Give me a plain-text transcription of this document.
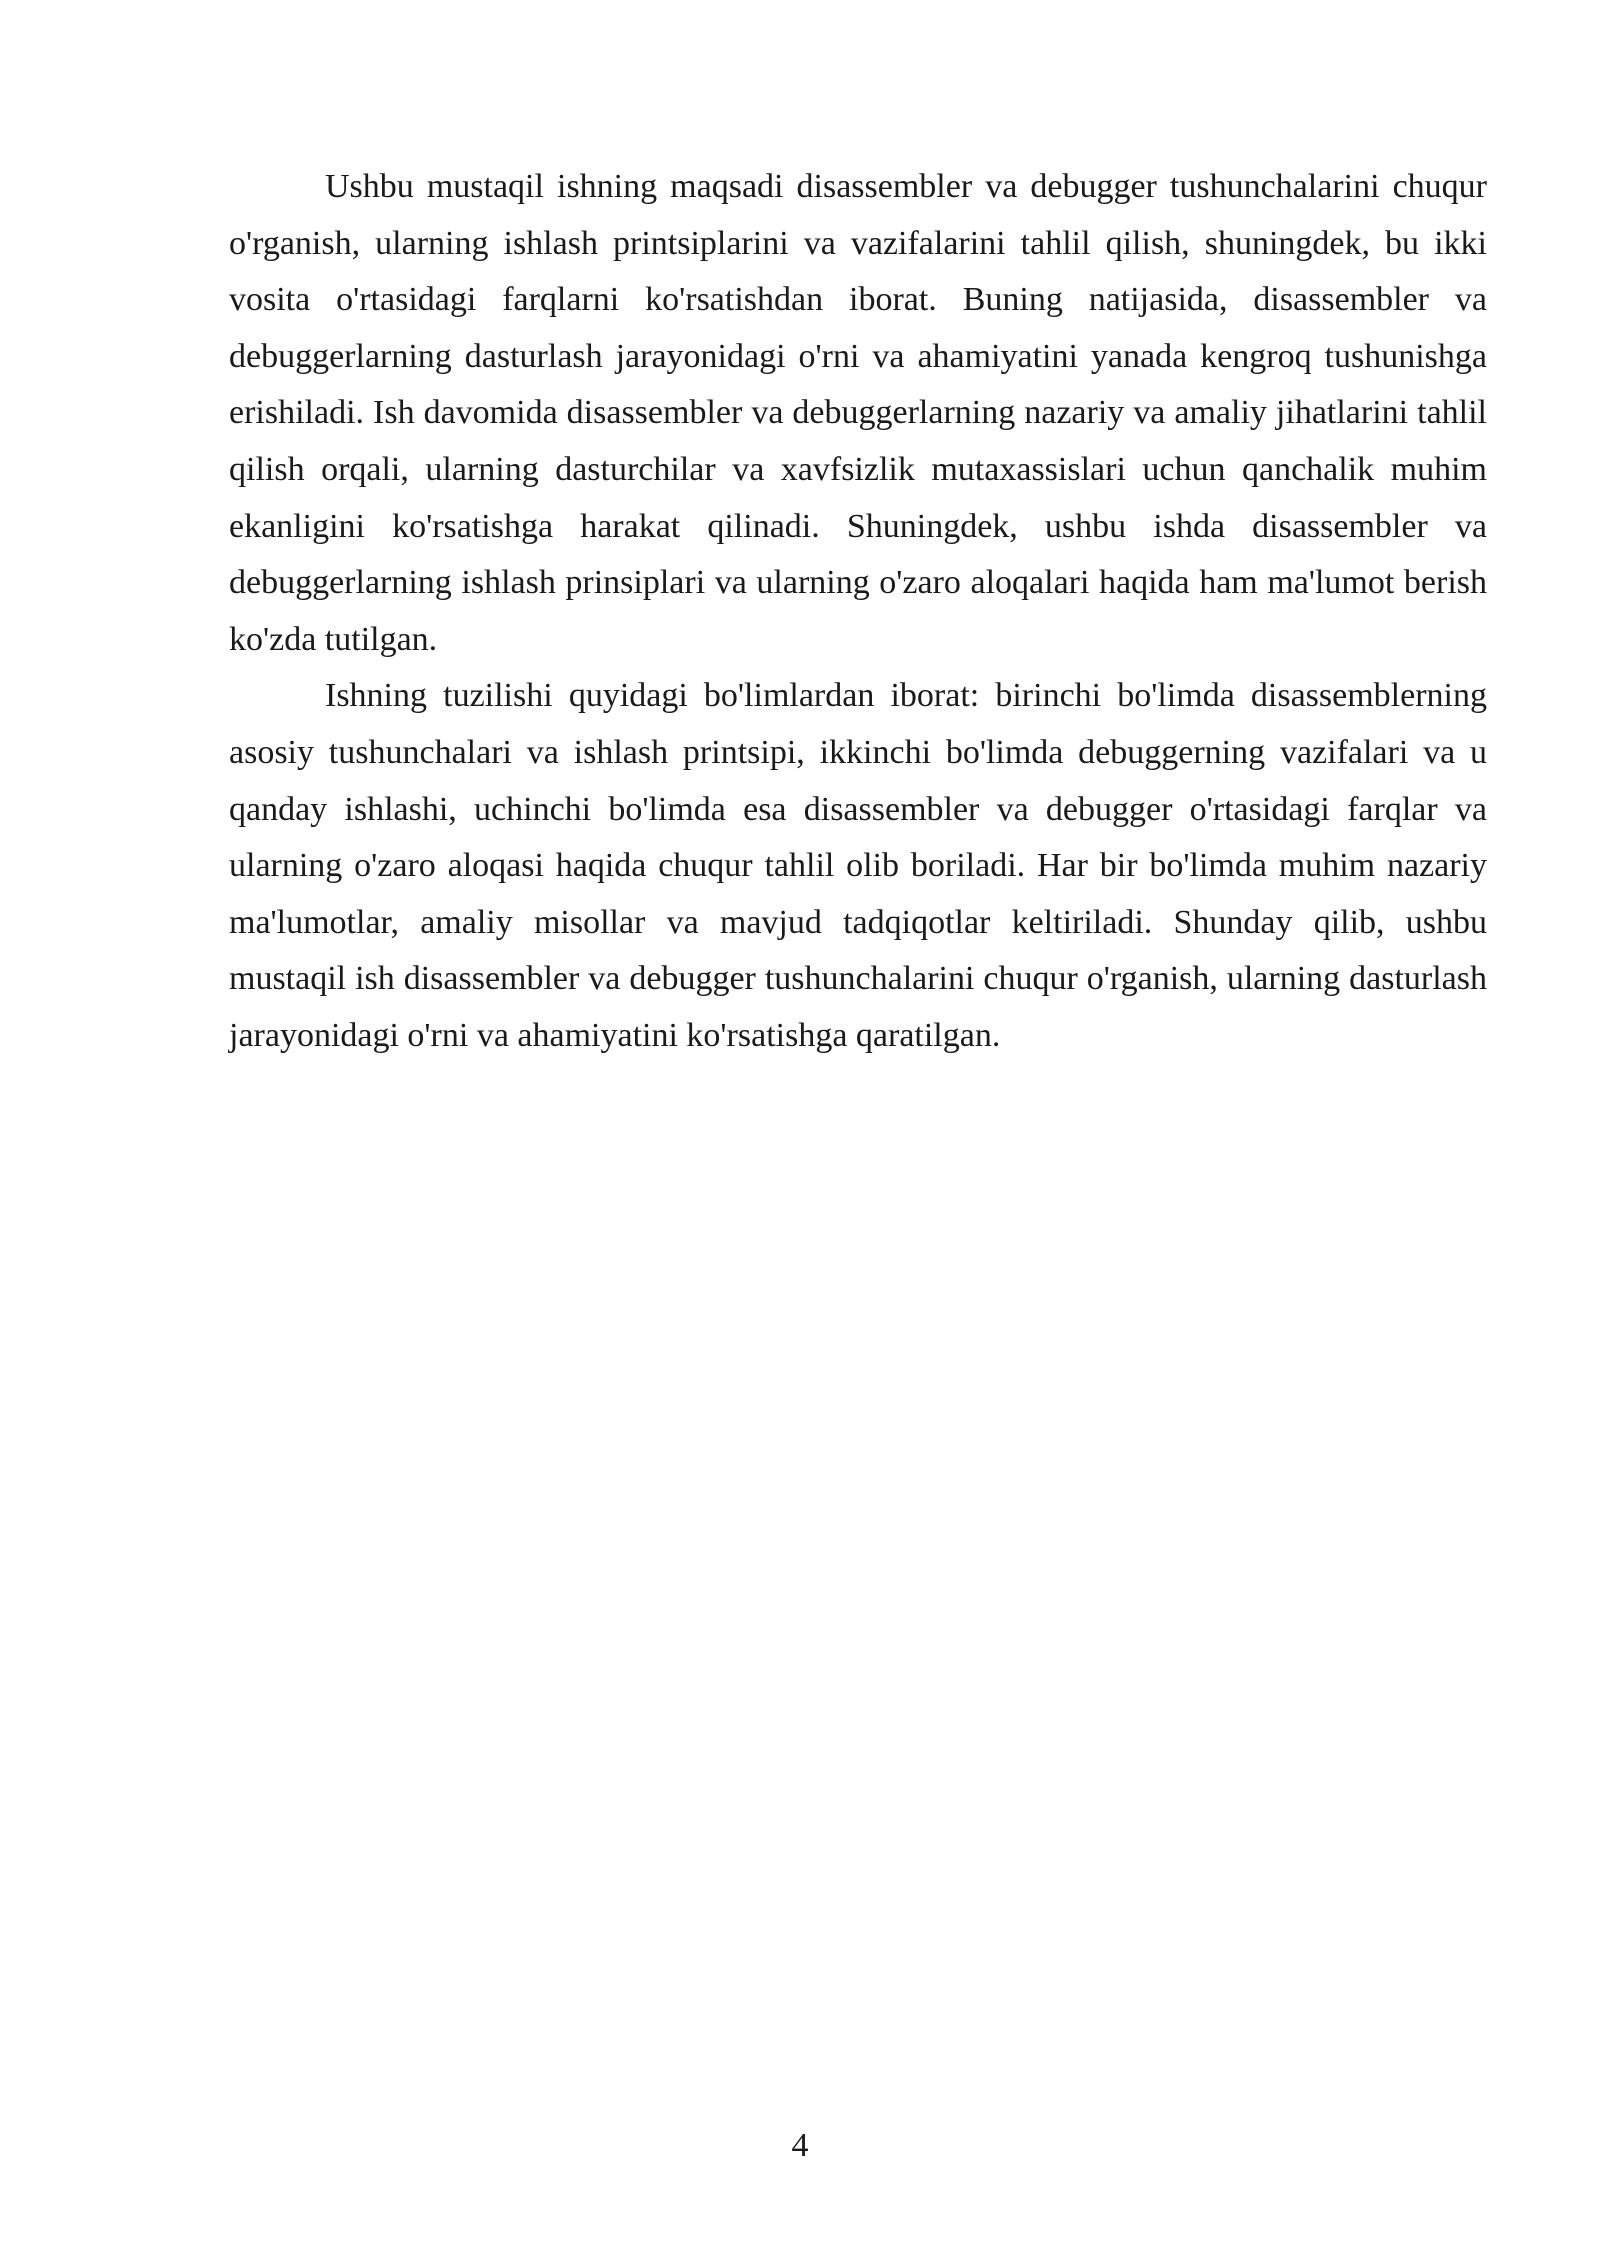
Ushbu mustaqil ishning maqsadi disassembler va debugger tushunchalarini chuqur o'rganish, ularning ishlash printsiplarini va vazifalarini tahlil qilish, shuningdek, bu ikki vosita o'rtasidagi farqlarni ko'rsatishdan iborat. Buning natijasida, disassembler va debuggerlarning dasturlash jarayonidagi o'rni va ahamiyatini yanada kengroq tushunishga erishiladi. Ish davomida disassembler va debuggerlarning nazariy va amaliy jihatlarini tahlil qilish orqali, ularning dasturchilar va xavfsizlik mutaxassislari uchun qanchalik muhim ekanligini ko'rsatishga harakat qilinadi. Shuningdek, ushbu ishda disassembler va debuggerlarning ishlash prinsiplari va ularning o'zaro aloqalari haqida ham ma'lumot berish ko'zda tutilgan.

Ishning tuzilishi quyidagi bo'limlardan iborat: birinchi bo'limda disassemblerning asosiy tushunchalari va ishlash printsipi, ikkinchi bo'limda debuggerning vazifalari va u qanday ishlashi, uchinchi bo'limda esa disassembler va debugger o'rtasidagi farqlar va ularning o'zaro aloqasi haqida chuqur tahlil olib boriladi. Har bir bo'limda muhim nazariy ma'lumotlar, amaliy misollar va mavjud tadqiqotlar keltiriladi. Shunday qilib, ushbu mustaqil ish disassembler va debugger tushunchalarini chuqur o'rganish, ularning dasturlash jarayonidagi o'rni va ahamiyatini ko'rsatishga qaratilgan.

4
